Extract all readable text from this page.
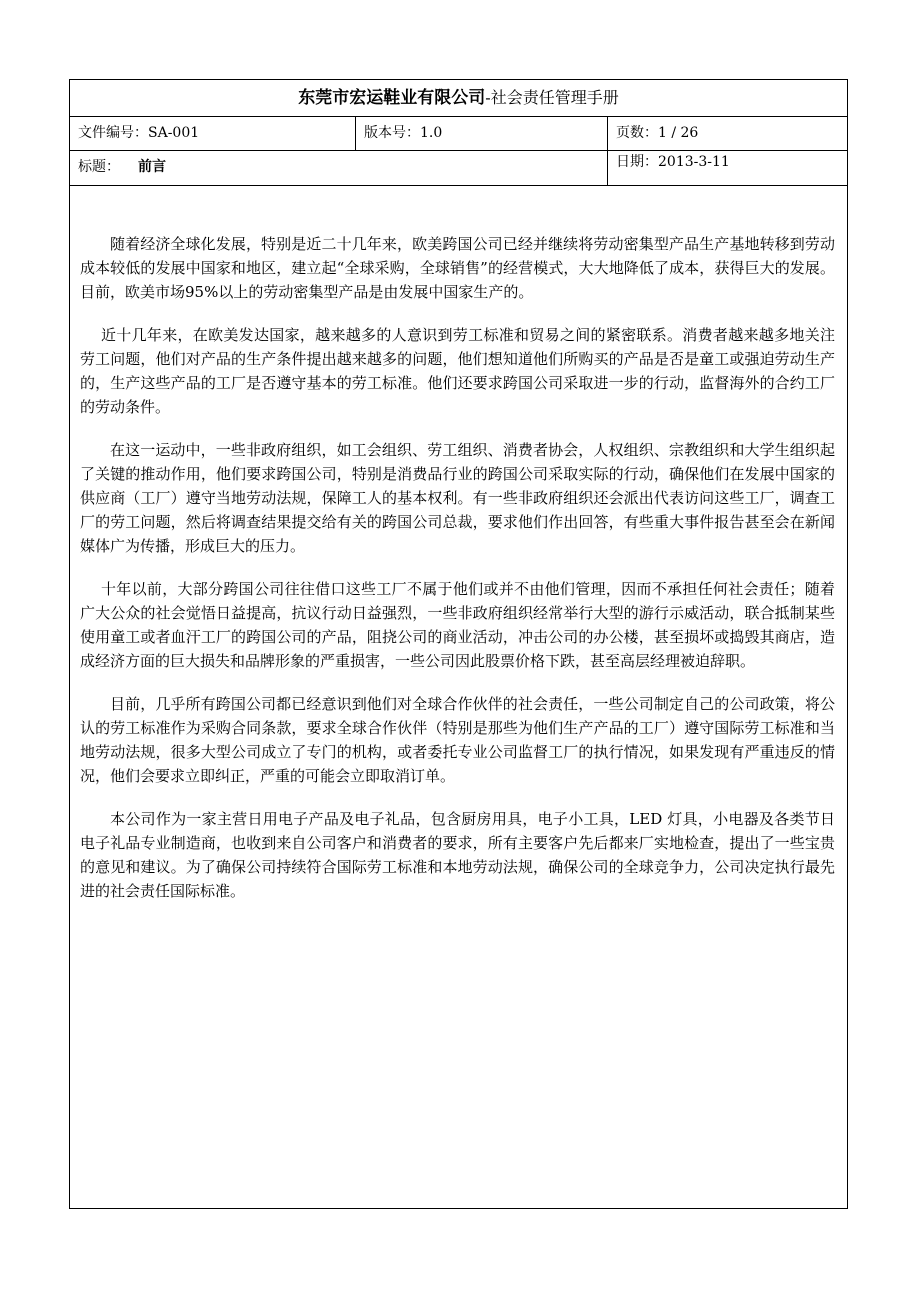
东莞市宏运鞋业有限公司-社会责任管理手册
文件编号：SA-001	版本号：1.0	页数：1 / 26
标题： 前言	日期：2013-3-11

随着经济全球化发展，特别是近二十几年来，欧美跨国公司已经并继续将劳动密集型产品生产基地转移到劳动成本较低的发展中国家和地区，建立起“全球采购，全球销售”的经营模式，大大地降低了成本，获得巨大的发展。目前，欧美市场95%以上的劳动密集型产品是由发展中国家生产的。

近十几年来，在欧美发达国家，越来越多的人意识到劳工标准和贸易之间的紧密联系。消费者越来越多地关注劳工问题，他们对产品的生产条件提出越来越多的问题，他们想知道他们所购买的产品是否是童工或强迫劳动生产的，生产这些产品的工厂是否遵守基本的劳工标准。他们还要求跨国公司采取进一步的行动，监督海外的合约工厂的劳动条件。

在这一运动中，一些非政府组织，如工会组织、劳工组织、消费者协会，人权组织、宗教组织和大学生组织起了关键的推动作用，他们要求跨国公司，特别是消费品行业的跨国公司采取实际的行动，确保他们在发展中国家的供应商（工厂）遵守当地劳动法规，保障工人的基本权利。有一些非政府组织还会派出代表访问这些工厂，调查工厂的劳工问题，然后将调查结果提交给有关的跨国公司总裁，要求他们作出回答，有些重大事件报告甚至会在新闻媒体广为传播，形成巨大的压力。

十年以前，大部分跨国公司往往借口这些工厂不属于他们或并不由他们管理，因而不承担任何社会责任；随着广大公众的社会觉悟日益提高，抗议行动日益强烈，一些非政府组织经常举行大型的游行示威活动，联合抵制某些使用童工或者血汗工厂的跨国公司的产品，阻挠公司的商业活动，冲击公司的办公楼，甚至损坏或捣毁其商店，造成经济方面的巨大损失和品牌形象的严重损害，一些公司因此股票价格下跌，甚至高层经理被迫辞职。

目前，几乎所有跨国公司都已经意识到他们对全球合作伙伴的社会责任，一些公司制定自己的公司政策，将公认的劳工标准作为采购合同条款，要求全球合作伙伴（特别是那些为他们生产产品的工厂）遵守国际劳工标准和当地劳动法规，很多大型公司成立了专门的机构，或者委托专业公司监督工厂的执行情况，如果发现有严重违反的情况，他们会要求立即纠正，严重的可能会立即取消订单。

本公司作为一家主营日用电子产品及电子礼品，包含厨房用具，电子小工具，LED 灯具，小电器及各类节日电子礼品专业制造商，也收到来自公司客户和消费者的要求，所有主要客户先后都来厂实地检查，提出了一些宝贵的意见和建议。为了确保公司持续符合国际劳工标准和本地劳动法规，确保公司的全球竞争力，公司决定执行最先进的社会责任国际标准。
